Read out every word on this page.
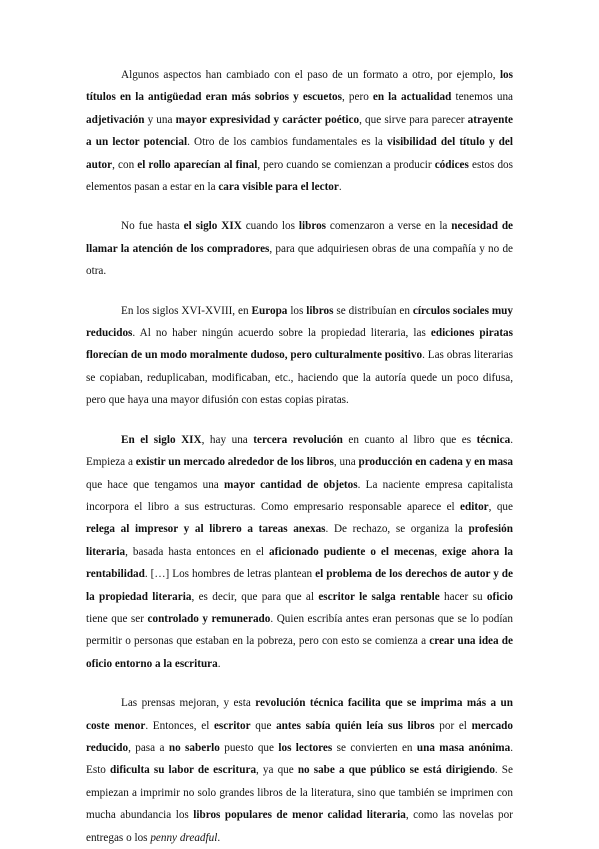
Algunos aspectos han cambiado con el paso de un formato a otro, por ejemplo, los títulos en la antigüedad eran más sobrios y escuetos, pero en la actualidad tenemos una adjetivación y una mayor expresividad y carácter poético, que sirve para parecer atrayente a un lector potencial. Otro de los cambios fundamentales es la visibilidad del título y del autor, con el rollo aparecían al final, pero cuando se comienzan a producir códices estos dos elementos pasan a estar en la cara visible para el lector.

No fue hasta el siglo XIX cuando los libros comenzaron a verse en la necesidad de llamar la atención de los compradores, para que adquiriesen obras de una compañía y no de otra.

En los siglos XVI-XVIII, en Europa los libros se distribuían en círculos sociales muy reducidos. Al no haber ningún acuerdo sobre la propiedad literaria, las ediciones piratas florecían de un modo moralmente dudoso, pero culturalmente positivo. Las obras literarias se copiaban, reduplicaban, modificaban, etc., haciendo que la autoría quede un poco difusa, pero que haya una mayor difusión con estas copias piratas.

En el siglo XIX, hay una tercera revolución en cuanto al libro que es técnica. Empieza a existir un mercado alrededor de los libros, una producción en cadena y en masa que hace que tengamos una mayor cantidad de objetos. La naciente empresa capitalista incorpora el libro a sus estructuras. Como empresario responsable aparece el editor, que relega al impresor y al librero a tareas anexas. De rechazo, se organiza la profesión literaria, basada hasta entonces en el aficionado pudiente o el mecenas, exige ahora la rentabilidad. […] Los hombres de letras plantean el problema de los derechos de autor y de la propiedad literaria, es decir, que para que al escritor le salga rentable hacer su oficio tiene que ser controlado y remunerado. Quien escribía antes eran personas que se lo podían permitir o personas que estaban en la pobreza, pero con esto se comienza a crear una idea de oficio entorno a la escritura.

Las prensas mejoran, y esta revolución técnica facilita que se imprima más a un coste menor. Entonces, el escritor que antes sabía quién leía sus libros por el mercado reducido, pasa a no saberlo puesto que los lectores se convierten en una masa anónima. Esto dificulta su labor de escritura, ya que no sabe a que público se está dirigiendo. Se empiezan a imprimir no solo grandes libros de la literatura, sino que también se imprimen con mucha abundancia los libros populares de menor calidad literaria, como las novelas por entregas o los penny dreadful.
